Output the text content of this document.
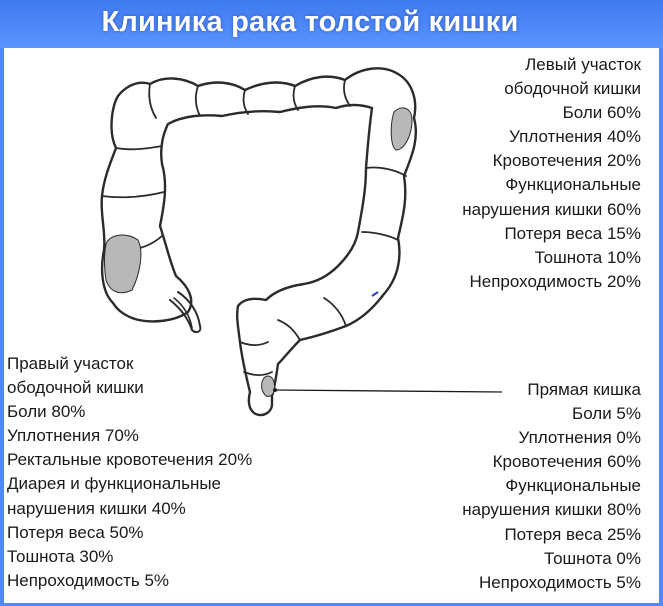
Клиника рака толстой кишки
Левый участок
ободочной кишки
Боли 60%
Уплотнения 40%
Кровотечения 20%
Функциональные
нарушения кишки 60%
Потеря веса 15%
Тошнота 10%
Непроходимость 20%
Правый участок
ободочной кишки
Боли 80%
Уплотнения 70%
Ректальные кровотечения 20%
Диарея и функциональные
нарушения кишки 40%
Потеря веса 50%
Тошнота 30%
Непроходимость 5%
Прямая кишка
Боли 5%
Уплотнения 0%
Кровотечения 60%
Функциональные
нарушения кишки 80%
Потеря веса 25%
Тошнота 0%
Непроходимость 5%
